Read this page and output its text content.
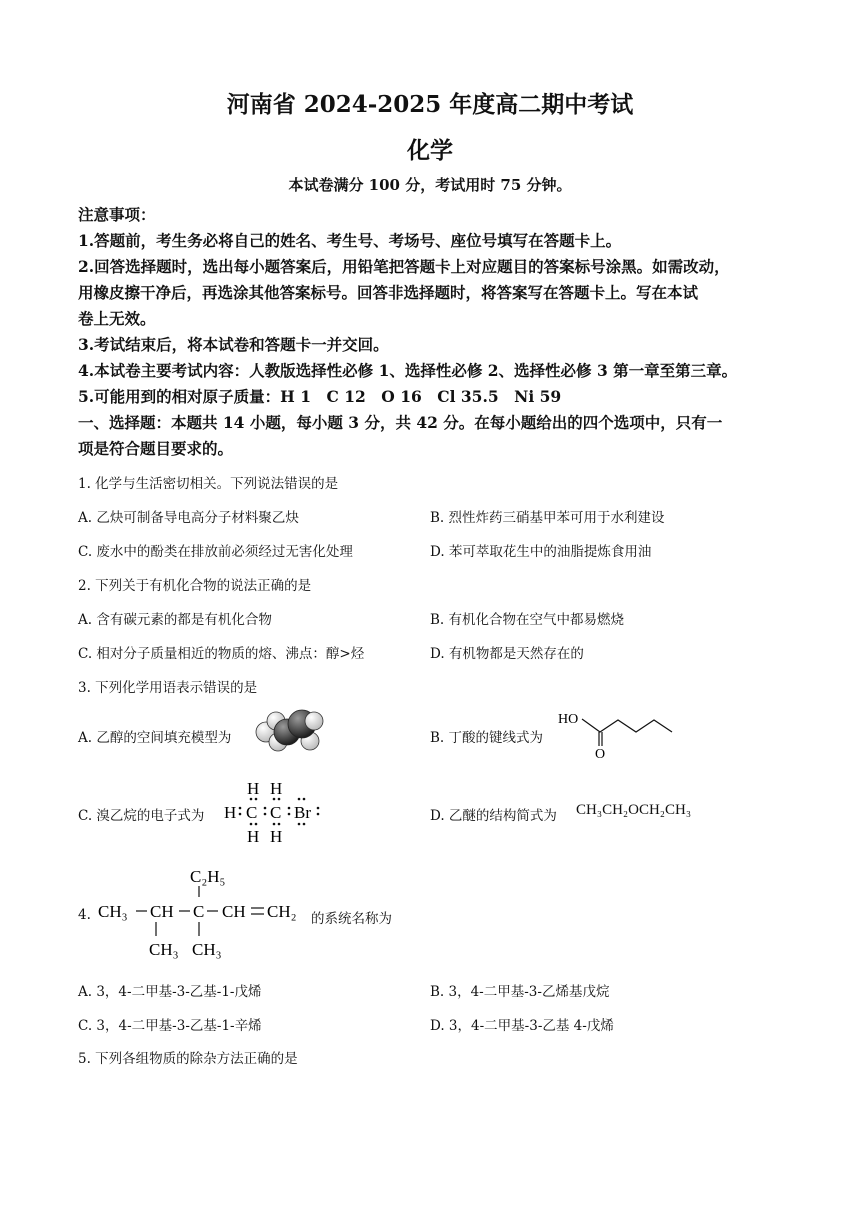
河南省 2024-2025 年度高二期中考试
化学
本试卷满分 100 分，考试用时 75 分钟。
注意事项：
1.答题前，考生务必将自己的姓名、考生号、考场号、座位号填写在答题卡上。
2.回答选择题时，选出每小题答案后，用铅笔把答题卡上对应题目的答案标号涂黑。如需改动，
用橡皮擦干净后，再选涂其他答案标号。回答非选择题时，将答案写在答题卡上。写在本试
卷上无效。
3.考试结束后，将本试卷和答题卡一并交回。
4.本试卷主要考试内容：人教版选择性必修 1、选择性必修 2、选择性必修 3 第一章至第三章。
5.可能用到的相对原子质量：H 1　C 12　O 16　Cl 35.5　Ni 59
一、选择题：本题共 14 小题，每小题 3 分，共 42 分。在每小题给出的四个选项中，只有一
项是符合题目要求的。
1. 化学与生活密切相关。下列说法错误的是
A. 乙炔可制备导电高分子材料聚乙炔	B. 烈性炸药三硝基甲苯可用于水利建设
C. 废水中的酚类在排放前必须经过无害化处理	D. 苯可萃取花生中的油脂提炼食用油
2. 下列关于有机化合物的说法正确的是
A. 含有碳元素的都是有机化合物	B. 有机化合物在空气中都易燃烧
C. 相对分子质量相近的物质的熔、沸点：醇>烃	D. 有机物都是天然存在的
3. 下列化学用语表示错误的是
A. 乙醇的空间填充模型为	B. 丁酸的键线式为
HO
O
C. 溴乙烷的电子式为
H H
H C C Br
H H
D. 乙醚的结构简式为 CH₃CH₂OCH₂CH₃
4. CH₃ CH C CH CH₂
C₂H₅
CH₃ CH₃
的系统名称为
A. 3，4-二甲基-3-乙基-1-戊烯	B. 3，4-二甲基-3-乙烯基戊烷
C. 3，4-二甲基-3-乙基-1-辛烯	D. 3，4-二甲基-3-乙基 4-戊烯
5. 下列各组物质的除杂方法正确的是
